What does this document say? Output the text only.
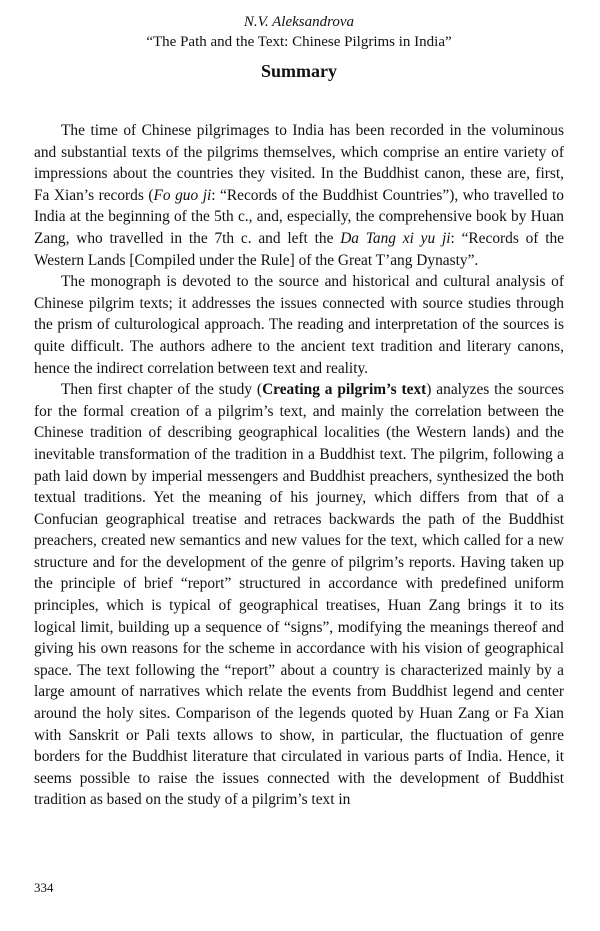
N.V. Aleksandrova

“The Path and the Text: Chinese Pilgrims in India”

Summary

The time of Chinese pilgrimages to India has been recorded in the voluminous and substantial texts of the pilgrims themselves, which comprise an entire variety of impressions about the countries they visited. In the Buddhist canon, these are, first, Fa Xian’s records (Fo guo ji: “Records of the Buddhist Countries”), who travelled to India at the beginning of the 5th c., and, especially, the comprehensive book by Huan Zang, who travelled in the 7th c. and left the Da Tang xi yu ji: “Records of the Western Lands [Compiled under the Rule] of the Great T’ang Dynasty”.

The monograph is devoted to the source and historical and cultural analysis of Chinese pilgrim texts; it addresses the issues connected with source studies through the prism of culturological approach. The reading and interpretation of the sources is quite difficult. The authors adhere to the ancient text tradition and literary canons, hence the indirect correlation between text and reality.

Then first chapter of the study (Creating a pilgrim’s text) analyzes the sources for the formal creation of a pilgrim’s text, and mainly the correlation between the Chinese tradition of describing geographical localities (the Western lands) and the inevitable transformation of the tradition in a Buddhist text. The pilgrim, following a path laid down by imperial messengers and Buddhist preachers, synthesized the both textual traditions. Yet the meaning of his journey, which differs from that of a Confucian geographical treatise and retraces backwards the path of the Buddhist preachers, created new semantics and new values for the text, which called for a new structure and for the development of the genre of pilgrim’s reports. Having taken up the principle of brief “report” structured in accordance with predefined uniform principles, which is typical of geographical treatises, Huan Zang brings it to its logical limit, building up a sequence of “signs”, modifying the meanings thereof and giving his own reasons for the scheme in accordance with his vision of geographical space. The text following the “report” about a country is characterized mainly by a large amount of narratives which relate the events from Buddhist legend and center around the holy sites. Comparison of the legends quoted by Huan Zang or Fa Xian with Sanskrit or Pali texts allows to show, in particular, the fluctuation of genre borders for the Buddhist literature that circulated in various parts of India. Hence, it seems possible to raise the issues connected with the development of Buddhist tradition as based on the study of a pilgrim’s text in

334
